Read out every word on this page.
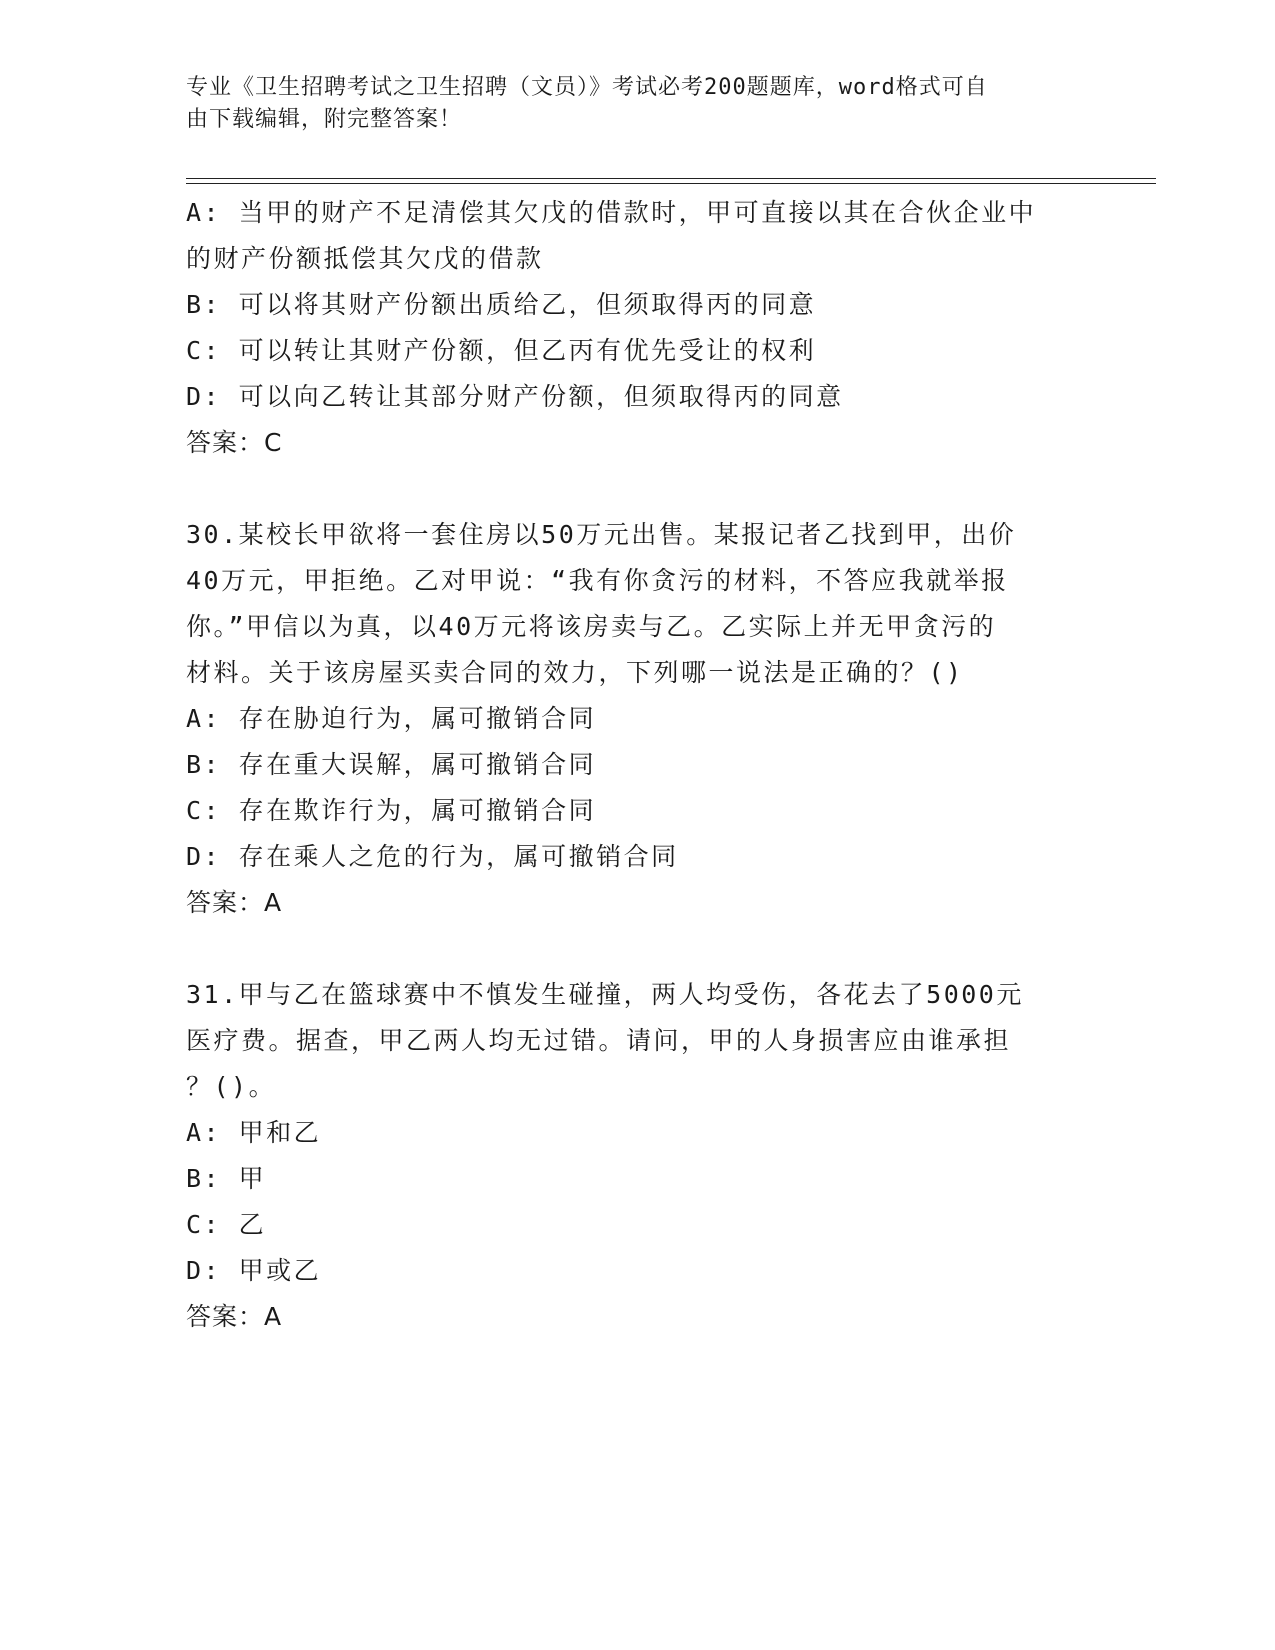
专业《卫生招聘考试之卫生招聘（文员）》考试必考200题题库，word格式可自
由下载编辑，附完整答案！
A: 当甲的财产不足清偿其欠戊的借款时，甲可直接以其在合伙企业中
的财产份额抵偿其欠戊的借款
B: 可以将其财产份额出质给乙，但须取得丙的同意
C: 可以转让其财产份额，但乙丙有优先受让的权利
D: 可以向乙转让其部分财产份额，但须取得丙的同意
答案：C
30.某校长甲欲将一套住房以50万元出售。某报记者乙找到甲，出价
40万元，甲拒绝。乙对甲说：“我有你贪污的材料，不答应我就举报
你。”甲信以为真，以40万元将该房卖与乙。乙实际上并无甲贪污的
材料。关于该房屋买卖合同的效力，下列哪一说法是正确的？()
A: 存在胁迫行为，属可撤销合同
B: 存在重大误解，属可撤销合同
C: 存在欺诈行为，属可撤销合同
D: 存在乘人之危的行为，属可撤销合同
答案：A
31.甲与乙在篮球赛中不慎发生碰撞，两人均受伤，各花去了5000元
医疗费。据查，甲乙两人均无过错。请问，甲的人身损害应由谁承担
？()。
A: 甲和乙
B: 甲
C: 乙
D: 甲或乙
答案：A
